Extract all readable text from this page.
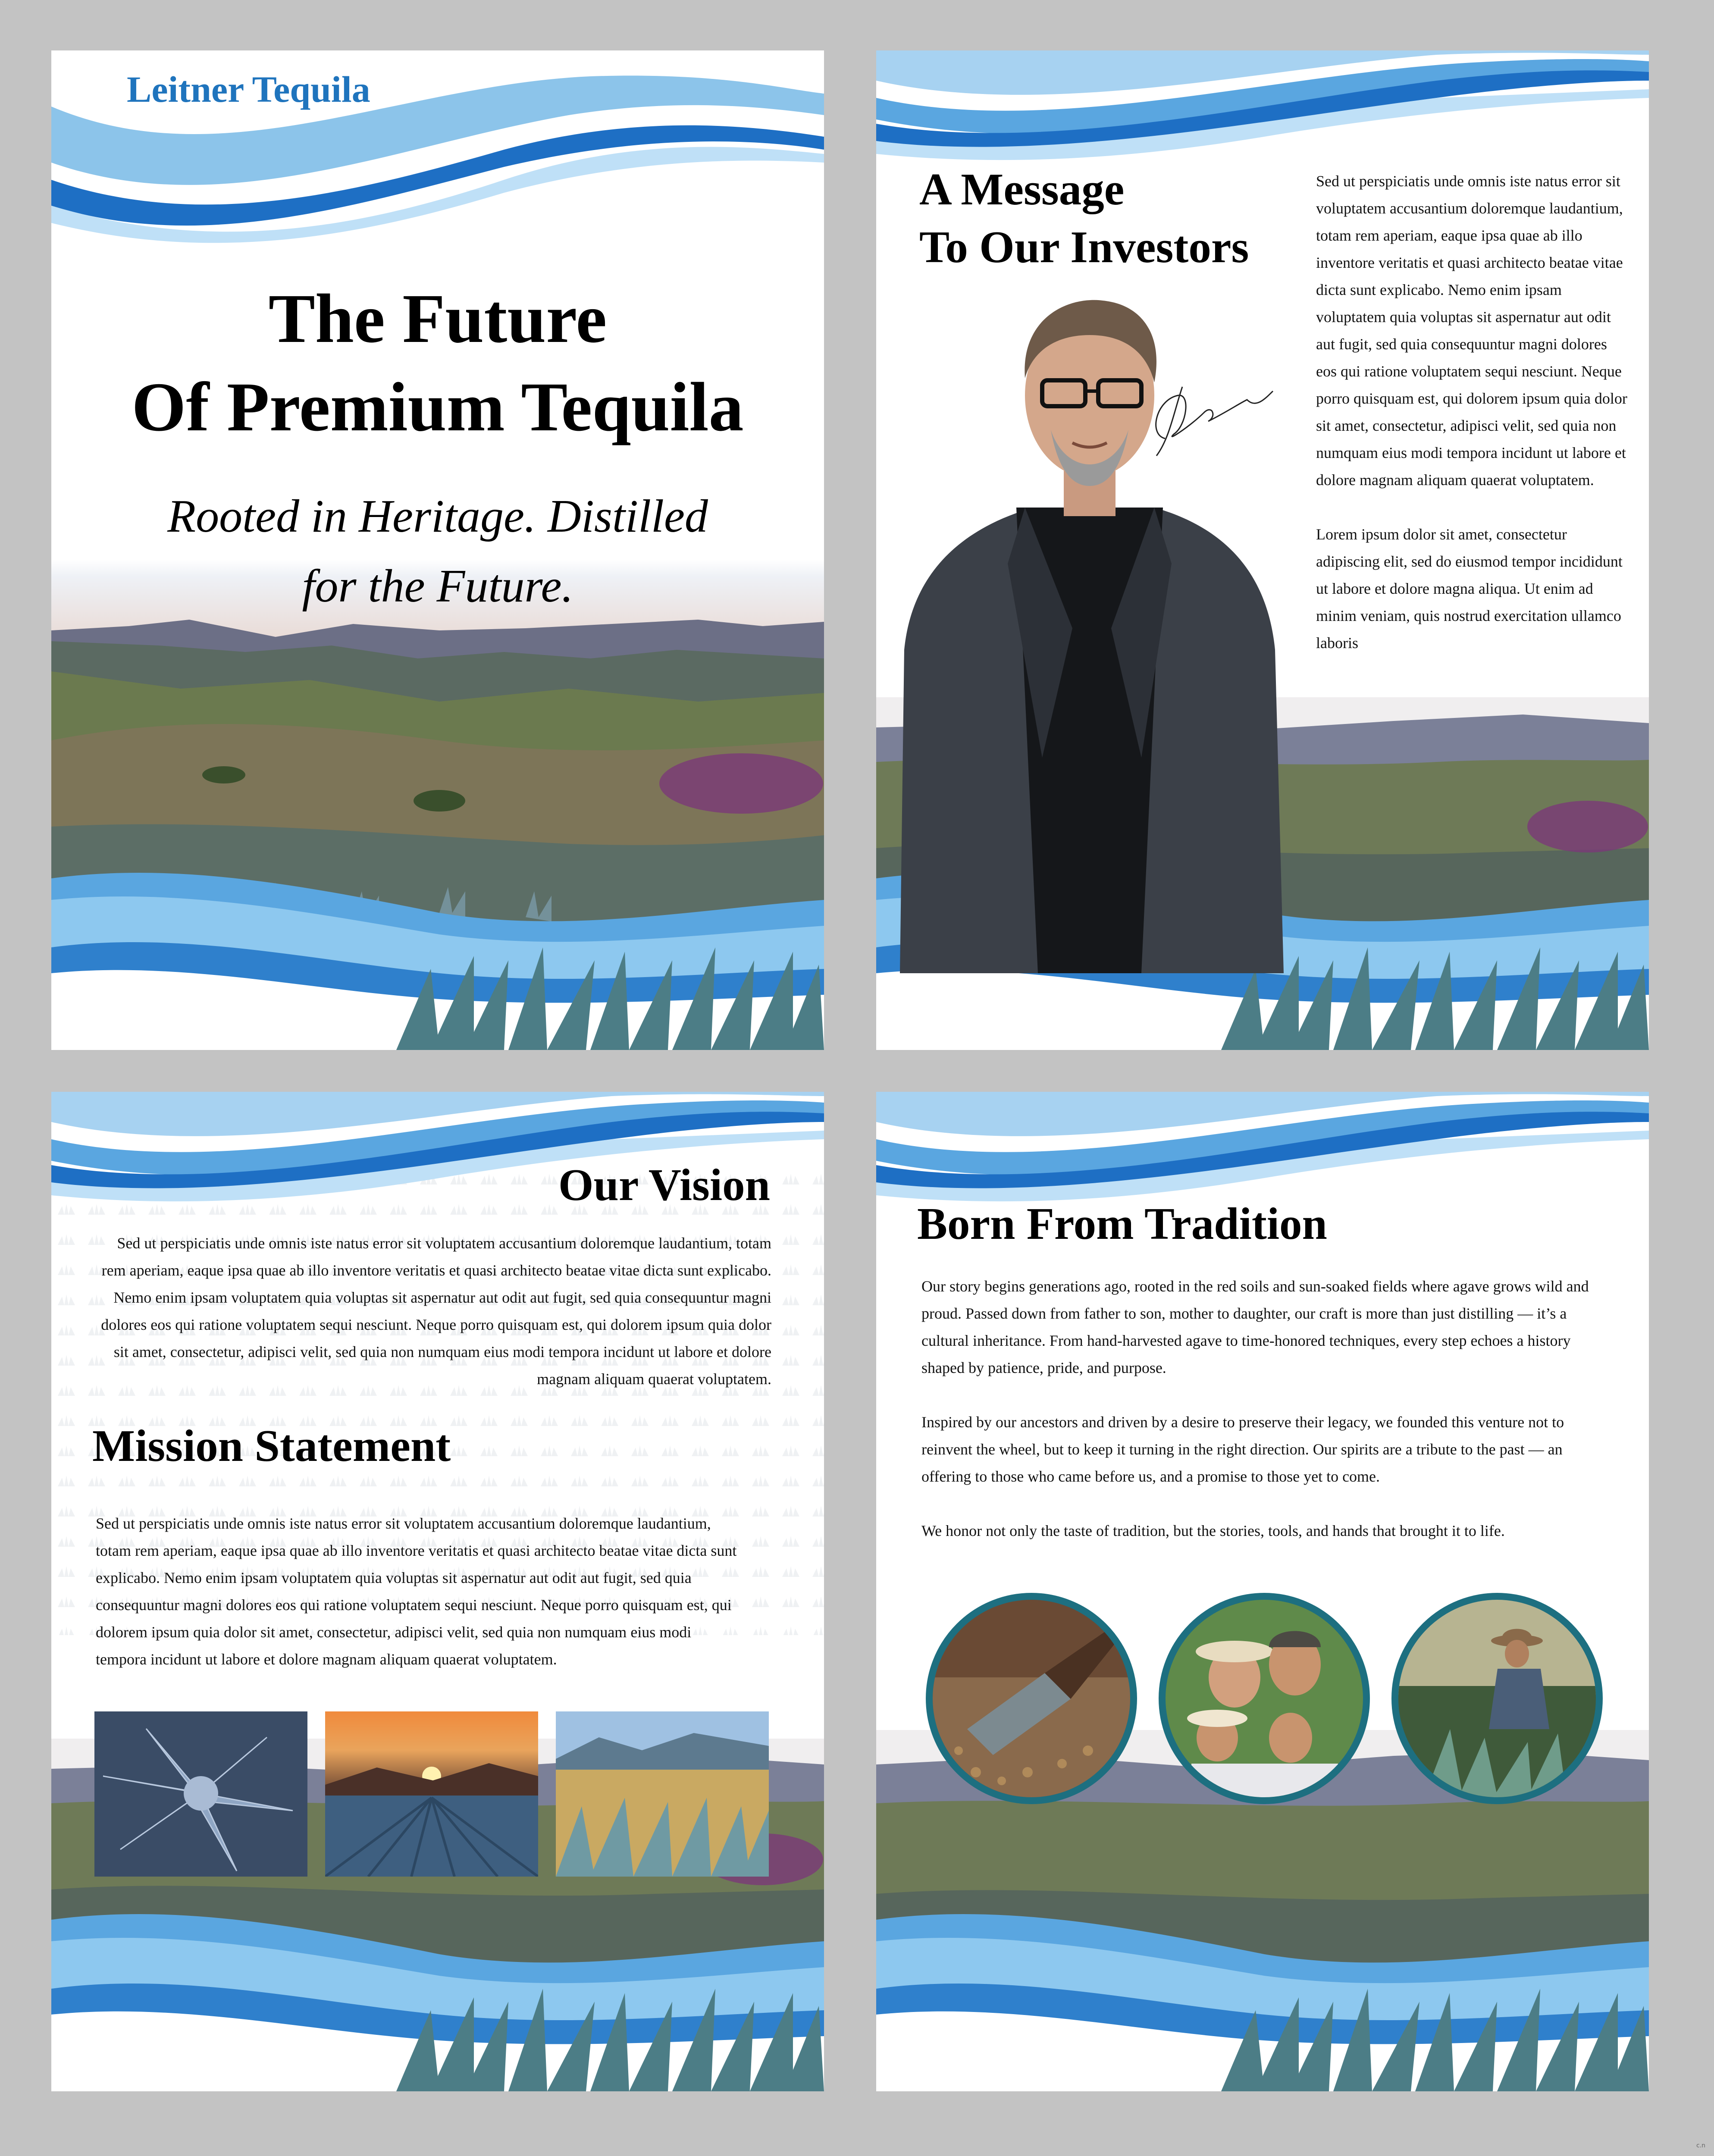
Leitner Tequila
The Future
Of Premium Tequila
Rooted in Heritage. Distilled
for the Future.
A Message
To Our Investors

Sed ut perspiciatis unde omnis iste natus error sit voluptatem accusantium doloremque laudantium, totam rem aperiam, eaque ipsa quae ab illo inventore veritatis et quasi architecto beatae vitae dicta sunt explicabo. Nemo enim ipsam voluptatem quia voluptas sit aspernatur aut odit aut fugit, sed quia consequuntur magni dolores eos qui ratione voluptatem sequi nesciunt. Neque porro quisquam est, qui dolorem ipsum quia dolor sit amet, consectetur, adipisci velit, sed quia non numquam eius modi tempora incidunt ut labore et dolore magnam aliquam quaerat voluptatem.

Lorem ipsum dolor sit amet, consectetur adipiscing elit, sed do eiusmod tempor incididunt ut labore et dolore magna aliqua. Ut enim ad minim veniam, quis nostrud exercitation ullamco laboris

Our Vision
Sed ut perspiciatis unde omnis iste natus error sit voluptatem accusantium doloremque laudantium, totam rem aperiam, eaque ipsa quae ab illo inventore veritatis et quasi architecto beatae vitae dicta sunt explicabo. Nemo enim ipsam voluptatem quia voluptas sit aspernatur aut odit aut fugit, sed quia consequuntur magni dolores eos qui ratione voluptatem sequi nesciunt. Neque porro quisquam est, qui dolorem ipsum quia dolor sit amet, consectetur, adipisci velit, sed quia non numquam eius modi tempora incidunt ut labore et dolore magnam aliquam quaerat voluptatem.
Mission Statement
Sed ut perspiciatis unde omnis iste natus error sit voluptatem accusantium doloremque laudantium, totam rem aperiam, eaque ipsa quae ab illo inventore veritatis et quasi architecto beatae vitae dicta sunt explicabo. Nemo enim ipsam voluptatem quia voluptas sit aspernatur aut odit aut fugit, sed quia consequuntur magni dolores eos qui ratione voluptatem sequi nesciunt. Neque porro quisquam est, qui dolorem ipsum quia dolor sit amet, consectetur, adipisci velit, sed quia non numquam eius modi tempora incidunt ut labore et dolore magnam aliquam quaerat voluptatem.
Born From Tradition

Our story begins generations ago, rooted in the red soils and sun-soaked fields where agave grows wild and proud. Passed down from father to son, mother to daughter, our craft is more than just distilling — it’s a cultural inheritance. From hand-harvested agave to time-honored techniques, every step echoes a history shaped by patience, pride, and purpose.

Inspired by our ancestors and driven by a desire to preserve their legacy, we founded this venture not to reinvent the wheel, but to keep it turning in the right direction. Our spirits are a tribute to the past — an offering to those who came before us, and a promise to those yet to come.

We honor not only the taste of tradition, but the stories, tools, and hands that brought it to life.

c.n
